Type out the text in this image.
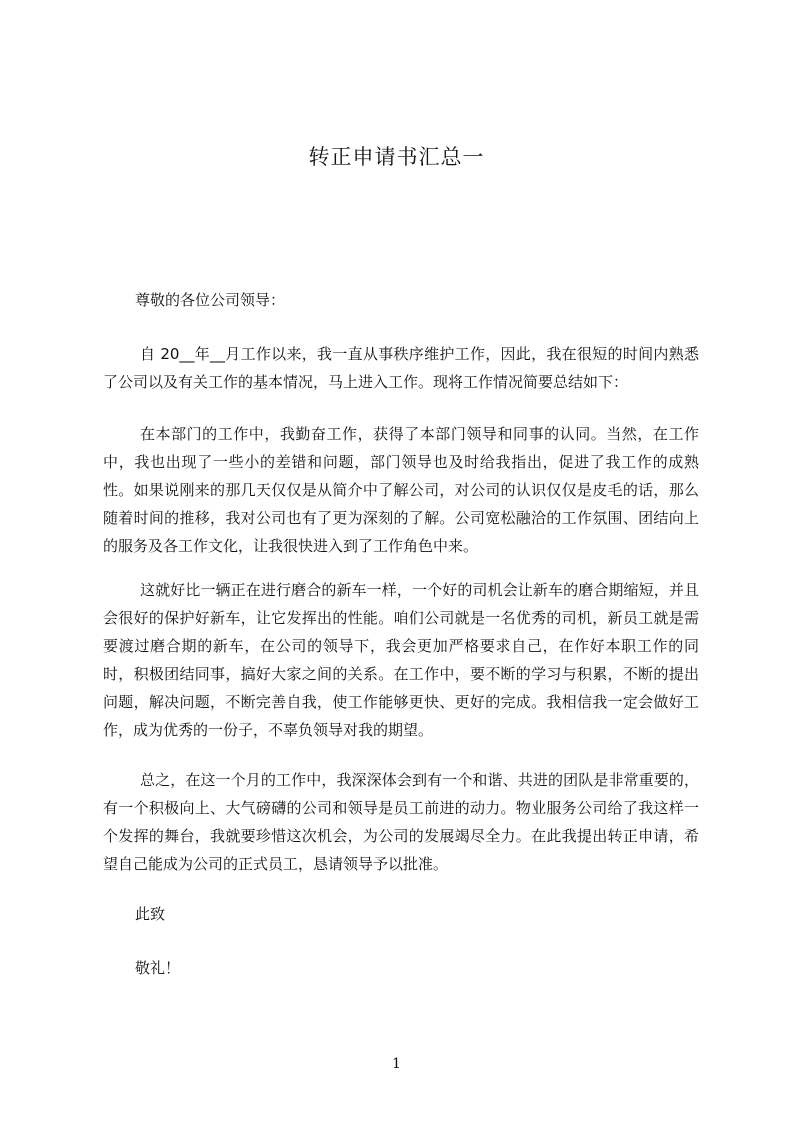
转正申请书汇总一
尊敬的各位公司领导：
自 20__年__月工作以来，我一直从事秩序维护工作，因此，我在很短的时间内熟悉了公司以及有关工作的基本情况，马上进入工作。现将工作情况简要总结如下：
在本部门的工作中，我勤奋工作，获得了本部门领导和同事的认同。当然，在工作中，我也出现了一些小的差错和问题，部门领导也及时给我指出，促进了我工作的成熟性。如果说刚来的那几天仅仅是从简介中了解公司，对公司的认识仅仅是皮毛的话，那么随着时间的推移，我对公司也有了更为深刻的了解。公司宽松融洽的工作氛围、团结向上的服务及各工作文化，让我很快进入到了工作角色中来。
这就好比一辆正在进行磨合的新车一样，一个好的司机会让新车的磨合期缩短，并且会很好的保护好新车，让它发挥出的性能。咱们公司就是一名优秀的司机，新员工就是需要渡过磨合期的新车，在公司的领导下，我会更加严格要求自己，在作好本职工作的同时，积极团结同事，搞好大家之间的关系。在工作中，要不断的学习与积累，不断的提出问题，解决问题，不断完善自我，使工作能够更快、更好的完成。我相信我一定会做好工作，成为优秀的一份子，不辜负领导对我的期望。
总之，在这一个月的工作中，我深深体会到有一个和谐、共进的团队是非常重要的，有一个积极向上、大气磅礴的公司和领导是员工前进的动力。物业服务公司给了我这样一个发挥的舞台，我就要珍惜这次机会，为公司的发展竭尽全力。在此我提出转正申请，希望自己能成为公司的正式员工，恳请领导予以批准。
此致
敬礼！
1
